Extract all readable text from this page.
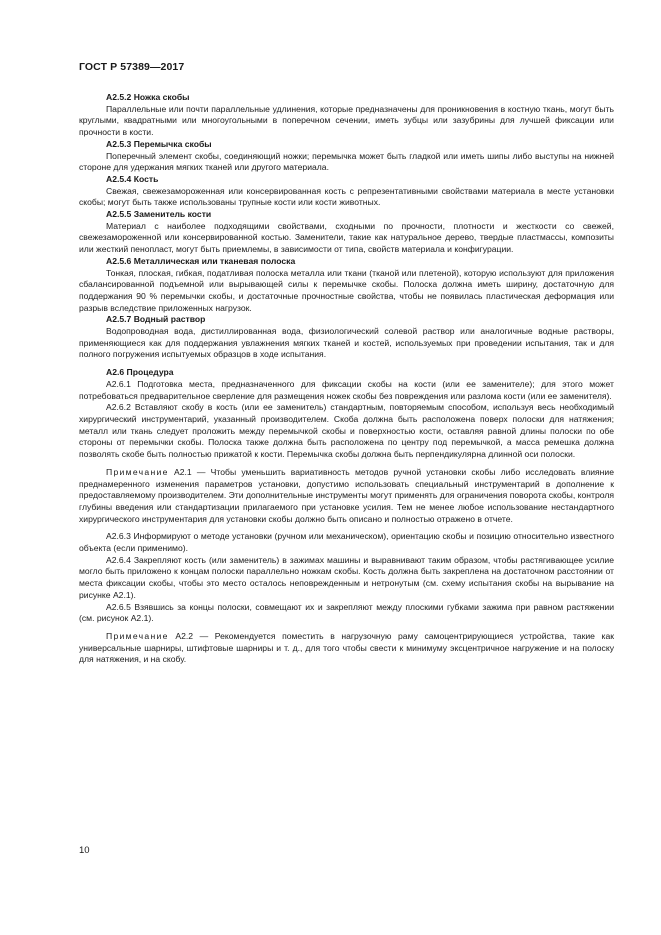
ГОСТ Р 57389—2017

А2.5.2 Ножка скобы

Параллельные или почти параллельные удлинения, которые предназначены для проникновения в костную ткань, могут быть круглыми, квадратными или многоугольными в поперечном сечении, иметь зубцы или зазубрины для лучшей фиксации или прочности в кости.

А2.5.3 Перемычка скобы

Поперечный элемент скобы, соединяющий ножки; перемычка может быть гладкой или иметь шипы либо выступы на нижней стороне для удержания мягких тканей или другого материала.

А2.5.4 Кость

Свежая, свежезамороженная или консервированная кость с репрезентативными свойствами материала в месте установки скобы; могут быть также использованы трупные кости или кости животных.

А2.5.5 Заменитель кости

Материал с наиболее подходящими свойствами, сходными по прочности, плотности и жесткости со свежей, свежезамороженной или консервированной костью. Заменители, такие как натуральное дерево, твердые пластмассы, композиты или жесткий пенопласт, могут быть приемлемы, в зависимости от типа, свойств материала и конфигурации.

А2.5.6 Металлическая или тканевая полоска

Тонкая, плоская, гибкая, податливая полоска металла или ткани (тканой или плетеной), которую используют для приложения сбалансированной подъемной или вырывающей силы к перемычке скобы. Полоска должна иметь ширину, достаточную для поддержания 90 % перемычки скобы, и достаточные прочностные свойства, чтобы не появилась пластическая деформация или разрыв вследствие приложенных нагрузок.

А2.5.7 Водный раствор

Водопроводная вода, дистиллированная вода, физиологический солевой раствор или аналогичные водные растворы, применяющиеся как для поддержания увлажнения мягких тканей и костей, используемых при проведении испытания, так и для полного погружения испытуемых образцов в ходе испытания.

А2.6 Процедура

А2.6.1 Подготовка места, предназначенного для фиксации скобы на кости (или ее заменителе); для этого может потребоваться предварительное сверление для размещения ножек скобы без повреждения или разлома кости (или ее заменителя).

А2.6.2 Вставляют скобу в кость (или ее заменитель) стандартным, повторяемым способом, используя весь необходимый хирургический инструментарий, указанный производителем. Скоба должна быть расположена поверх полоски для натяжения; металл или ткань следует проложить между перемычкой скобы и поверхностью кости, оставляя равной длины полоски по обе стороны от перемычки скобы. Полоска также должна быть расположена по центру под перемычкой, а масса ремешка должна позволять скобе быть полностью прижатой к кости. Перемычка скобы должна быть перпендикулярна длинной оси полоски.

Примечание А2.1 — Чтобы уменьшить вариативность методов ручной установки скобы либо исследовать влияние преднамеренного изменения параметров установки, допустимо использовать специальный инструментарий в дополнение к предоставляемому производителем. Эти дополнительные инструменты могут применять для ограничения поворота скобы, контроля глубины введения или стандартизации прилагаемого при установке усилия. Тем не менее любое использование нестандартного хирургического инструментария для установки скобы должно быть описано и полностью отражено в отчете.

А2.6.3 Информируют о методе установки (ручном или механическом), ориентацию скобы и позицию относительно известного объекта (если применимо).

А2.6.4 Закрепляют кость (или заменитель) в зажимах машины и выравнивают таким образом, чтобы растягивающее усилие могло быть приложено к концам полоски параллельно ножкам скобы. Кость должна быть закреплена на достаточном расстоянии от места фиксации скобы, чтобы это место осталось неповрежденным и нетронутым (см. схему испытания скобы на вырывание на рисунке А2.1).

А2.6.5 Взявшись за концы полоски, совмещают их и закрепляют между плоскими губками зажима при равном растяжении (см. рисунок А2.1).

Примечание А2.2 — Рекомендуется поместить в нагрузочную раму самоцентрирующиеся устройства, такие как универсальные шарниры, штифтовые шарниры и т. д., для того чтобы свести к минимуму эксцентричное нагружение и на полоску для натяжения, и на скобу.

10
